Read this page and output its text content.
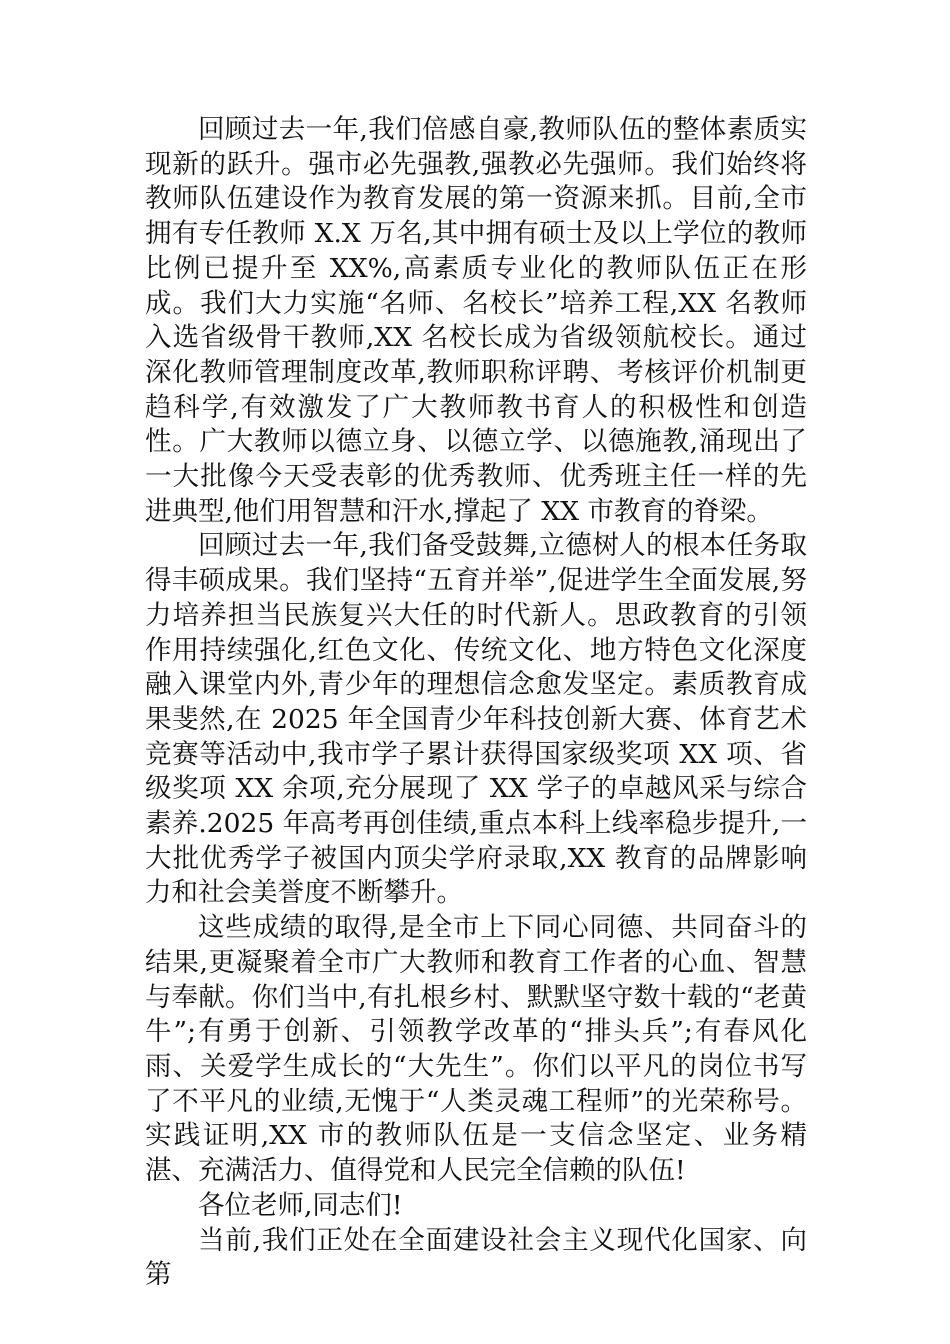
回顾过去一年,我们倍感自豪,教师队伍的整体素质实现新的跃升。强市必先强教,强教必先强师。我们始终将教师队伍建设作为教育发展的第一资源来抓。目前,全市拥有专任教师 X.X 万名,其中拥有硕士及以上学位的教师比例已提升至 XX%,高素质专业化的教师队伍正在形成。我们大力实施“名师、名校长”培养工程,XX 名教师入选省级骨干教师,XX 名校长成为省级领航校长。通过深化教师管理制度改革,教师职称评聘、考核评价机制更趋科学,有效激发了广大教师教书育人的积极性和创造性。广大教师以德立身、以德立学、以德施教,涌现出了一大批像今天受表彰的优秀教师、优秀班主任一样的先进典型,他们用智慧和汗水,撑起了 XX 市教育的脊梁。

回顾过去一年,我们备受鼓舞,立德树人的根本任务取得丰硕成果。我们坚持“五育并举”,促进学生全面发展,努力培养担当民族复兴大任的时代新人。思政教育的引领作用持续强化,红色文化、传统文化、地方特色文化深度融入课堂内外,青少年的理想信念愈发坚定。素质教育成果斐然,在 2025 年全国青少年科技创新大赛、体育艺术竞赛等活动中,我市学子累计获得国家级奖项 XX 项、省级奖项 XX 余项,充分展现了 XX 学子的卓越风采与综合素养.2025 年高考再创佳绩,重点本科上线率稳步提升,一大批优秀学子被国内顶尖学府录取,XX 教育的品牌影响力和社会美誉度不断攀升。

这些成绩的取得,是全市上下同心同德、共同奋斗的结果,更凝聚着全市广大教师和教育工作者的心血、智慧与奉献。你们当中,有扎根乡村、默默坚守数十载的“老黄牛”;有勇于创新、引领教学改革的“排头兵”;有春风化雨、关爱学生成长的“大先生”。你们以平凡的岗位书写了不平凡的业绩,无愧于“人类灵魂工程师”的光荣称号。实践证明,XX 市的教师队伍是一支信念坚定、业务精湛、充满活力、值得党和人民完全信赖的队伍!

各位老师,同志们!

当前,我们正处在全面建设社会主义现代化国家、向第
